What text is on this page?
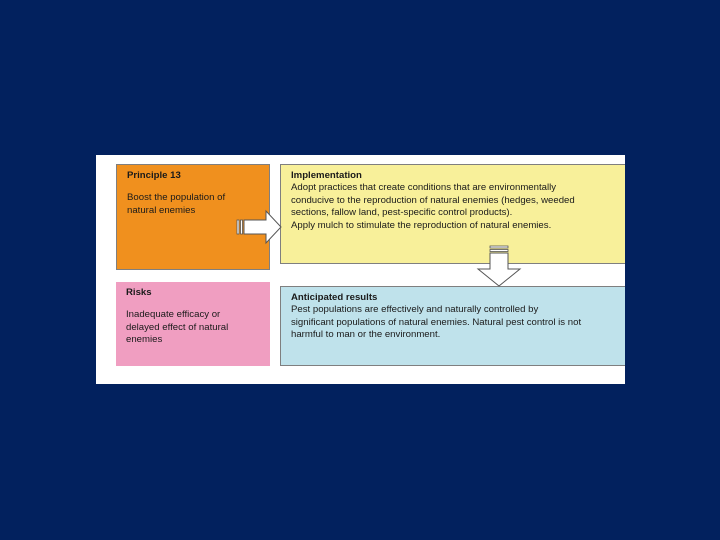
Principle 13
Boost the population of
natural enemies
Implementation
Adopt practices that create conditions that are environmentally
conducive to the reproduction of natural enemies (hedges, weeded
sections, fallow land, pest-specific control products).
Apply mulch to stimulate the reproduction of natural enemies.
Risks
Inadequate efficacy or
delayed effect of natural
enemies
Anticipated results
Pest populations are effectively and naturally controlled by
significant populations of natural enemies. Natural pest control is not
harmful to man or the environment.
